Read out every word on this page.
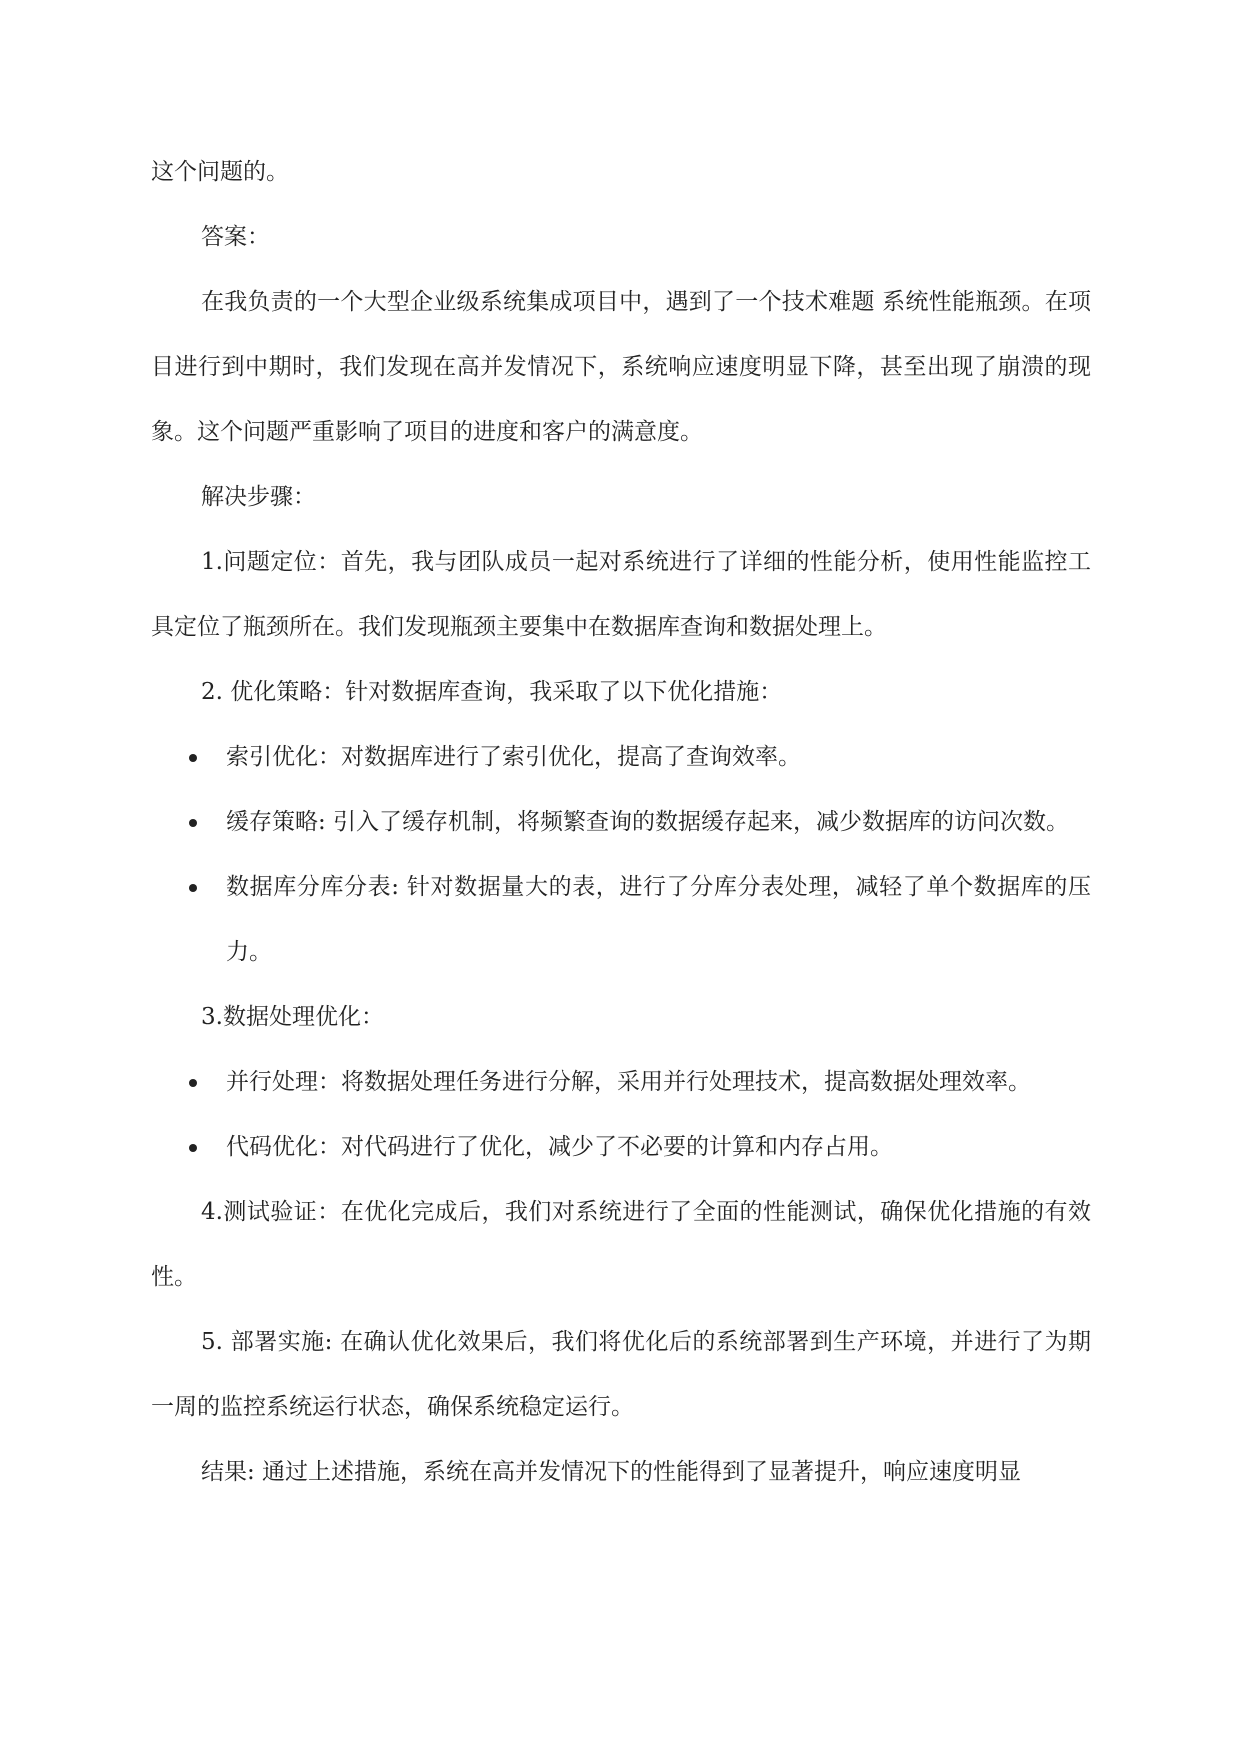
这个问题的。

答案：

在我负责的一个大型企业级系统集成项目中，遇到了一个技术难题 系统性能瓶颈。在项目进行到中期时，我们发现在高并发情况下，系统响应速度明显下降，甚至出现了崩溃的现象。这个问题严重影响了项目的进度和客户的满意度。

解决步骤：

1.问题定位：首先，我与团队成员一起对系统进行了详细的性能分析，使用性能监控工具定位了瓶颈所在。我们发现瓶颈主要集中在数据库查询和数据处理上。

2. 优化策略：针对数据库查询，我采取了以下优化措施：

索引优化：对数据库进行了索引优化，提高了查询效率。
缓存策略: 引入了缓存机制，将频繁查询的数据缓存起来，减少数据库的访问次数。
数据库分库分表: 针对数据量大的表，进行了分库分表处理，减轻了单个数据库的压力。

3.数据处理优化：

并行处理：将数据处理任务进行分解，采用并行处理技术，提高数据处理效率。
代码优化：对代码进行了优化，减少了不必要的计算和内存占用。

4.测试验证：在优化完成后，我们对系统进行了全面的性能测试，确保优化措施的有效性。

5. 部署实施: 在确认优化效果后，我们将优化后的系统部署到生产环境，并进行了为期一周的监控系统运行状态，确保系统稳定运行。

结果: 通过上述措施，系统在高并发情况下的性能得到了显著提升，响应速度明显
